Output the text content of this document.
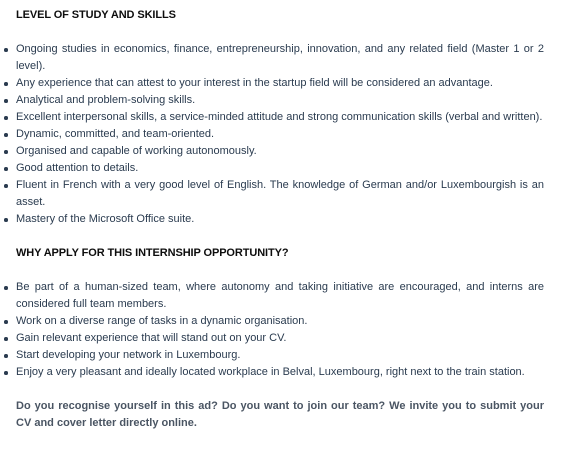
LEVEL OF STUDY AND SKILLS
Ongoing studies in economics, finance, entrepreneurship, innovation, and any related field (Master 1 or 2 level).
Any experience that can attest to your interest in the startup field will be considered an advantage.
Analytical and problem-solving skills.
Excellent interpersonal skills, a service-minded attitude and strong communication skills (verbal and written).
Dynamic, committed, and team-oriented.
Organised and capable of working autonomously.
Good attention to details.
Fluent in French with a very good level of English. The knowledge of German and/or Luxembourgish is an asset.
Mastery of the Microsoft Office suite.
WHY APPLY FOR THIS INTERNSHIP OPPORTUNITY?
Be part of a human-sized team, where autonomy and taking initiative are encouraged, and interns are considered full team members.
Work on a diverse range of tasks in a dynamic organisation.
Gain relevant experience that will stand out on your CV.
Start developing your network in Luxembourg.
Enjoy a very pleasant and ideally located workplace in Belval, Luxembourg, right next to the train station.

Do you recognise yourself in this ad? Do you want to join our team? We invite you to submit your CV and cover letter directly online.
